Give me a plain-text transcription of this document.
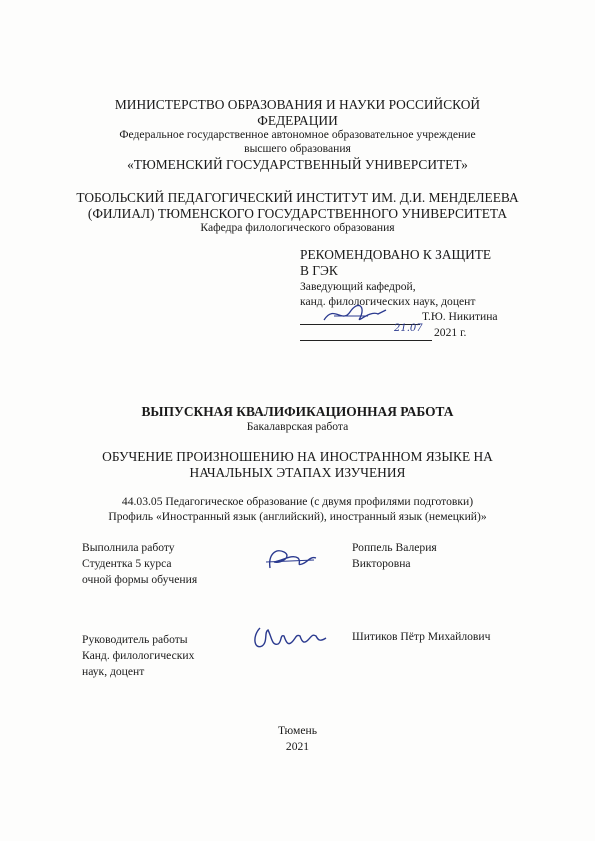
МИНИСТЕРСТВО ОБРАЗОВАНИЯ И НАУКИ РОССИЙСКОЙ
ФЕДЕРАЦИИ
Федеральное государственное автономное образовательное учреждение
высшего образования
«ТЮМЕНСКИЙ ГОСУДАРСТВЕННЫЙ УНИВЕРСИТЕТ»
ТОБОЛЬСКИЙ ПЕДАГОГИЧЕСКИЙ ИНСТИТУТ ИМ. Д.И. МЕНДЕЛЕЕВА
(ФИЛИАЛ) ТЮМЕНСКОГО ГОСУДАРСТВЕННОГО УНИВЕРСИТЕТА
Кафедра филологического образования
РЕКОМЕНДОВАНО К ЗАЩИТЕ
В ГЭК
Заведующий кафедрой,
канд. филологических наук, доцент
Т.Ю. Никитина
21.07 2021 г.
ВЫПУСКНАЯ КВАЛИФИКАЦИОННАЯ РАБОТА
Бакалаврская работа
ОБУЧЕНИЕ ПРОИЗНОШЕНИЮ НА ИНОСТРАННОМ ЯЗЫКЕ НА
НАЧАЛЬНЫХ ЭТАПАХ ИЗУЧЕНИЯ
44.03.05 Педагогическое образование (с двумя профилями подготовки)
Профиль «Иностранный язык (английский), иностранный язык (немецкий)»
Выполнила работу
Студентка 5 курса
очной формы обучения
Роппель Валерия
Викторовна
Руководитель работы
Канд. филологических
наук, доцент
Шитиков Пётр Михайлович
Тюмень
2021
